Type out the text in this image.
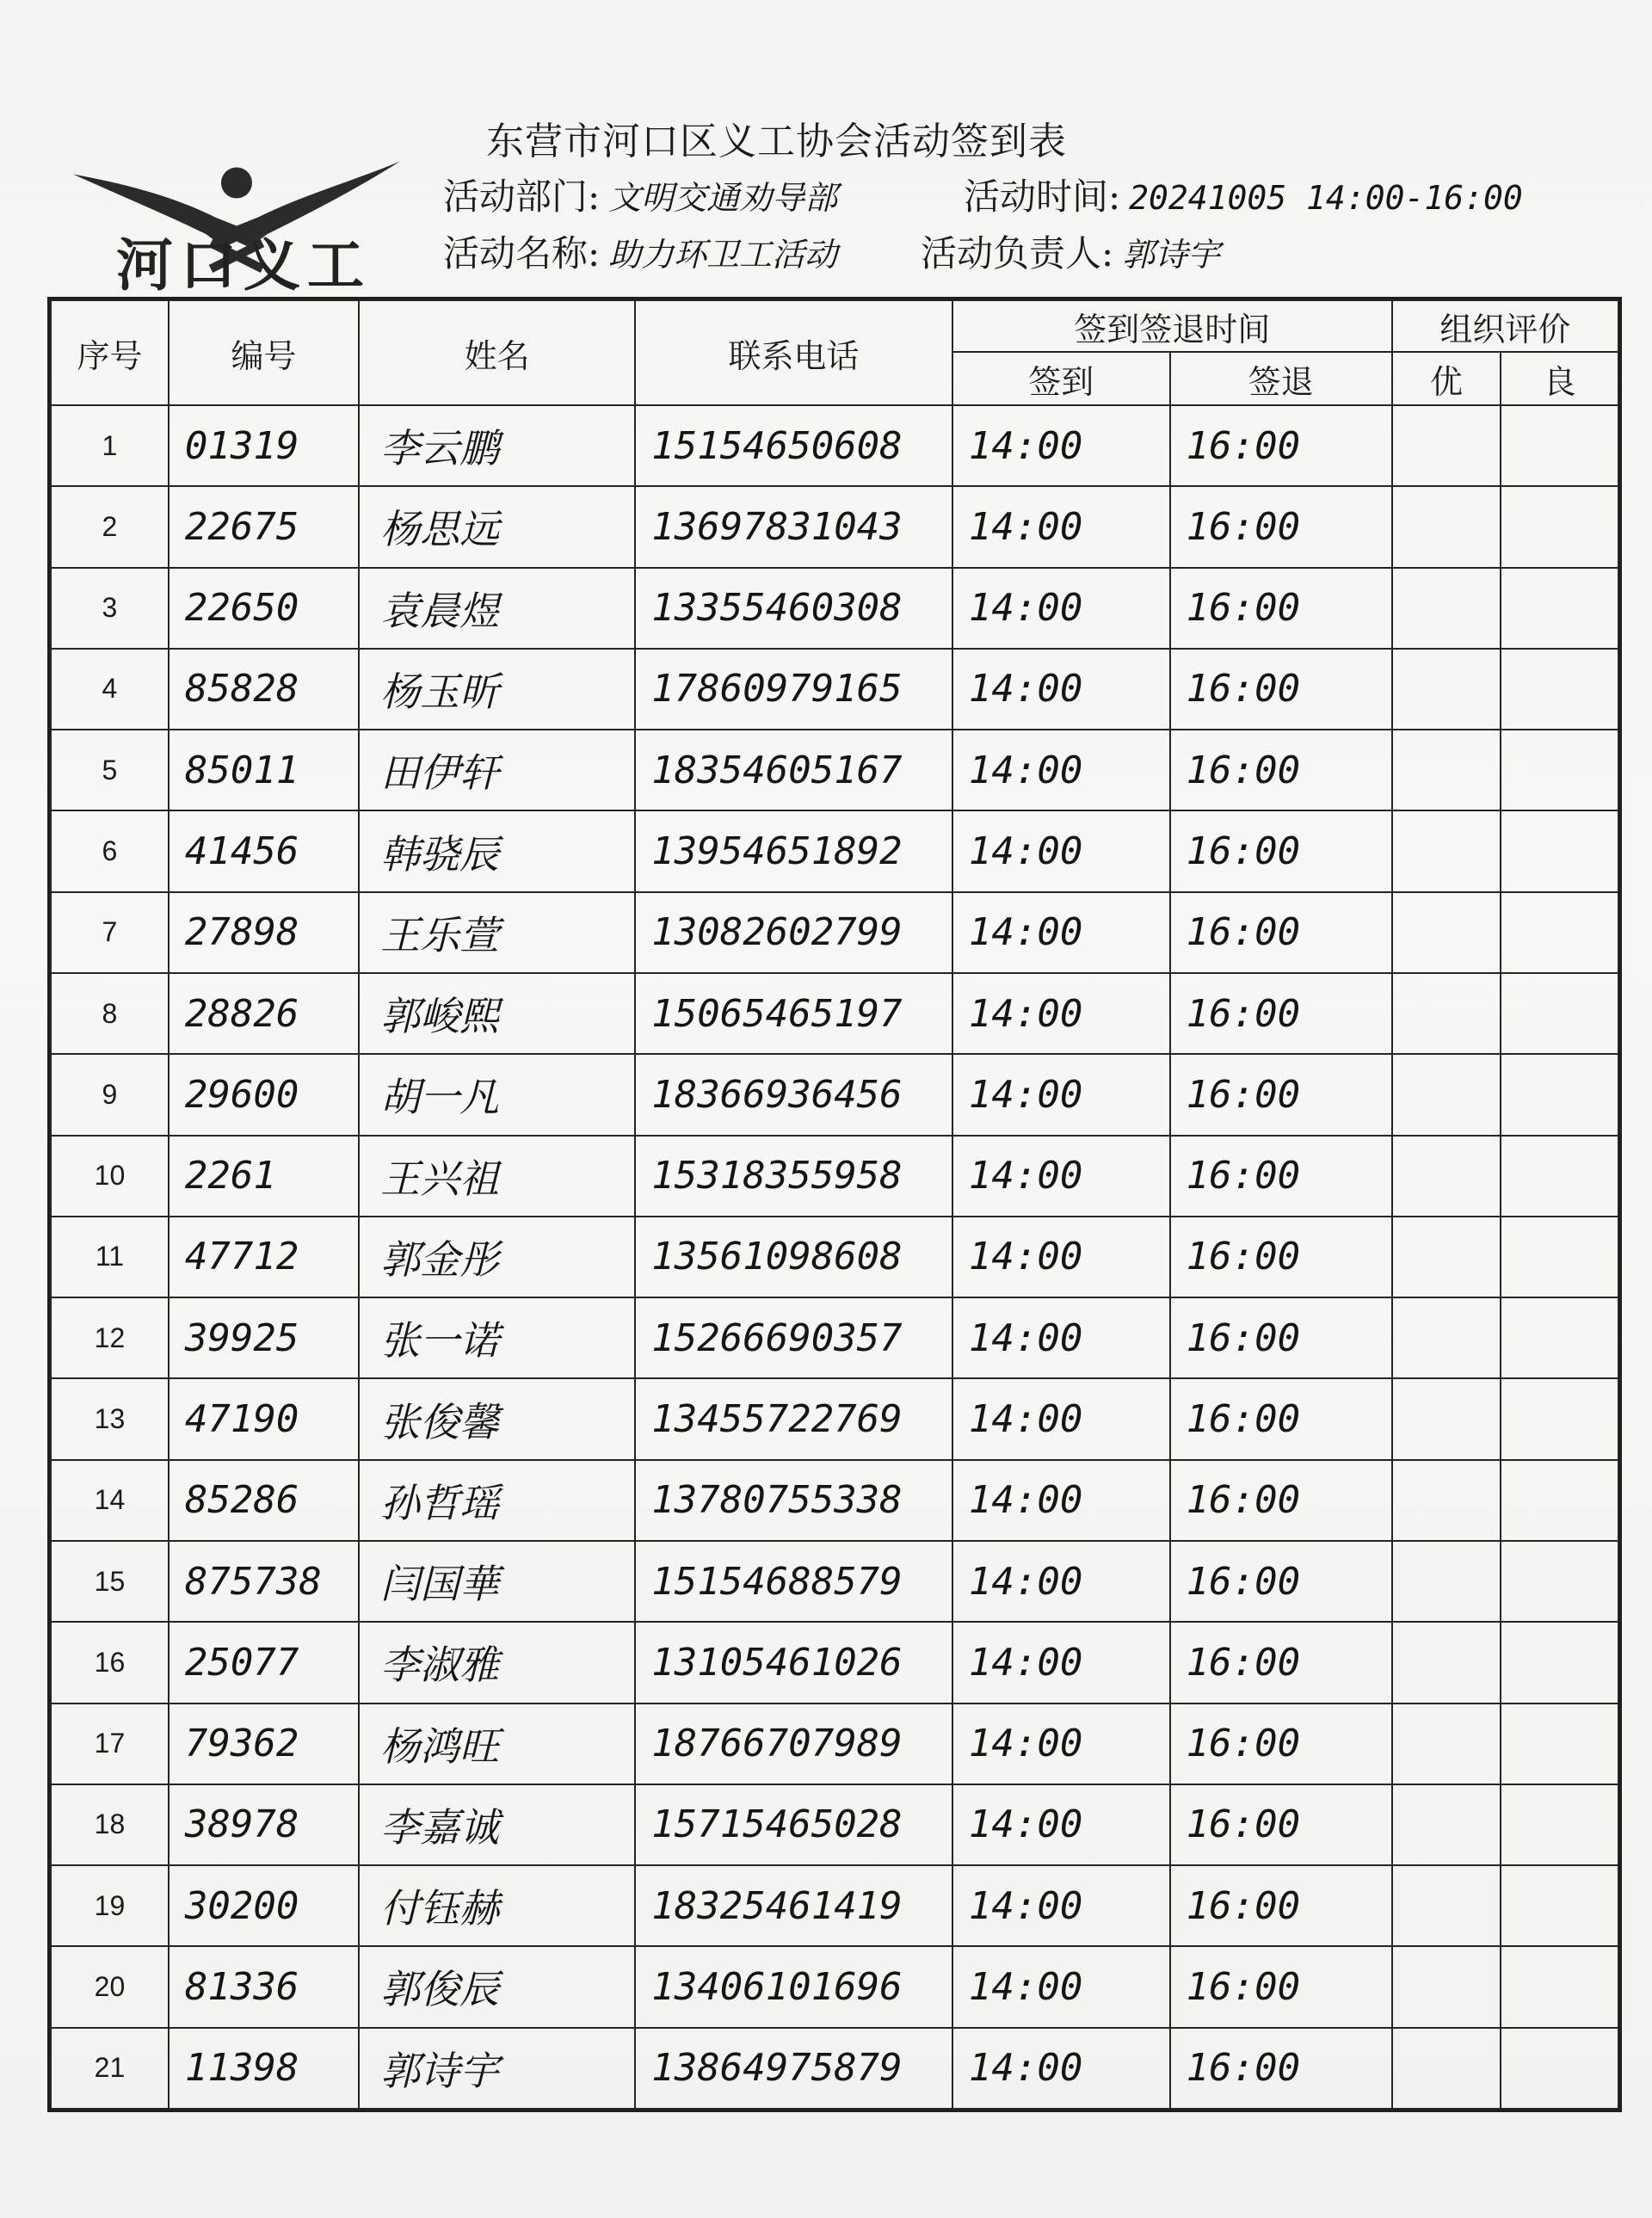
河口义工
东营市河口区义工协会活动签到表
活动部门: 文明交通劝导部	活动时间: 20241005 14:00-16:00
活动名称: 助力环卫工活动 活动负责人: 郭诗宇
序号	编号	姓名	联系电话	签到签退时间		组织评价	
				签到	签退	优	良
1	01319	李云鹏	15154650608	14:00	16:00		
2	22675	杨思远	13697831043	14:00	16:00		
3	22650	袁晨煜	13355460308	14:00	16:00		
4	85828	杨玉昕	17860979165	14:00	16:00		
5	85011	田伊轩	18354605167	14:00	16:00		
6	41456	韩骁辰	13954651892	14:00	16:00		
7	27898	王乐萱	13082602799	14:00	16:00		
8	28826	郭峻熙	15065465197	14:00	16:00		
9	29600	胡一凡	18366936456	14:00	16:00		
10	2261	王兴祖	15318355958	14:00	16:00		
11	47712	郭金彤	13561098608	14:00	16:00		
12	39925	张一诺	15266690357	14:00	16:00		
13	47190	张俊馨	13455722769	14:00	16:00		
14	85286	孙哲瑶	13780755338	14:00	16:00		
15	875738	闫国華	15154688579	14:00	16:00		
16	25077	李淑雅	13105461026	14:00	16:00		
17	79362	杨鸿旺	18766707989	14:00	16:00		
18	38978	李嘉诚	15715465028	14:00	16:00		
19	30200	付钰赫	18325461419	14:00	16:00		
20	81336	郭俊辰	13406101696	14:00	16:00		
21	11398	郭诗宇	13864975879	14:00	16:00		
